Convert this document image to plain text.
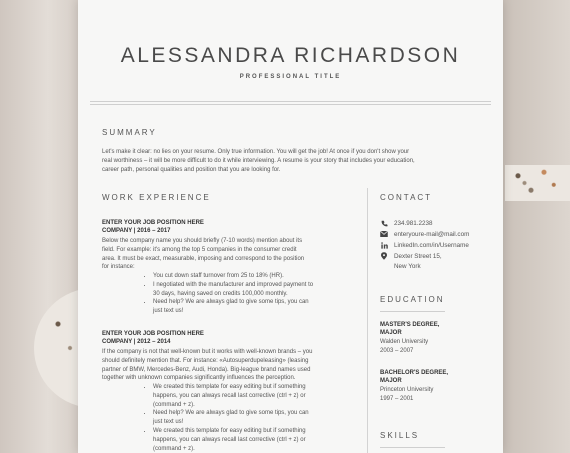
ALESSANDRA RICHARDSON
PROFESSIONAL TITLE
SUMMARY
Let's make it clear: no lies on your resume. Only true information. You will get the job! At once if you don't show your
real worthiness – it will be more difficult to do it while interviewing. A resume is your story that includes your education,
career path, personal qualities and position that you are looking for.
WORK EXPERIENCE
ENTER YOUR JOB POSITION HERE
COMPANY | 2016 – 2017
Below the company name you should briefly (7-10 words) mention about its
field. For example: it's among the top 5 companies in the consumer credit
area. It must be exact, measurable, imposing and correspond to the position
for instance:
• You cut down staff turnover from 25 to 18% (HR).
• I negotiated with the manufacturer and improved payment to
30 days, having saved on credits 100,000 monthly.
• Need help? We are always glad to give some tips, you can
just text us!
ENTER YOUR JOB POSITION HERE
COMPANY | 2012 – 2014
If the company is not that well-known but it works with well-known brands – you
should definitely mention that. For instance: «Autosuperdupeleasing» (leasing
partner of BMW, Mercedes-Benz, Audi, Honda). Big-league brand names used
together with unknown companies significantly influences the perception.
• We created this template for easy editing but if something
happens, you can always recall last corrective (ctrl + z) or
(command + z).
• Need help? We are always glad to give some tips, you can
just text us!
• We created this template for easy editing but if something
happens, you can always recall last corrective (ctrl + z) or
(command + z).
CONTACT
234.981.2238
enteryoure-mail@mail.com
LinkedIn.com/in/Username
Dexter Street 15,
New York
EDUCATION
MASTER'S DEGREE,
MAJOR
Walden University
2003 – 2007
BACHELOR'S DEGREE,
MAJOR
Princeton University
1997 – 2001
SKILLS
